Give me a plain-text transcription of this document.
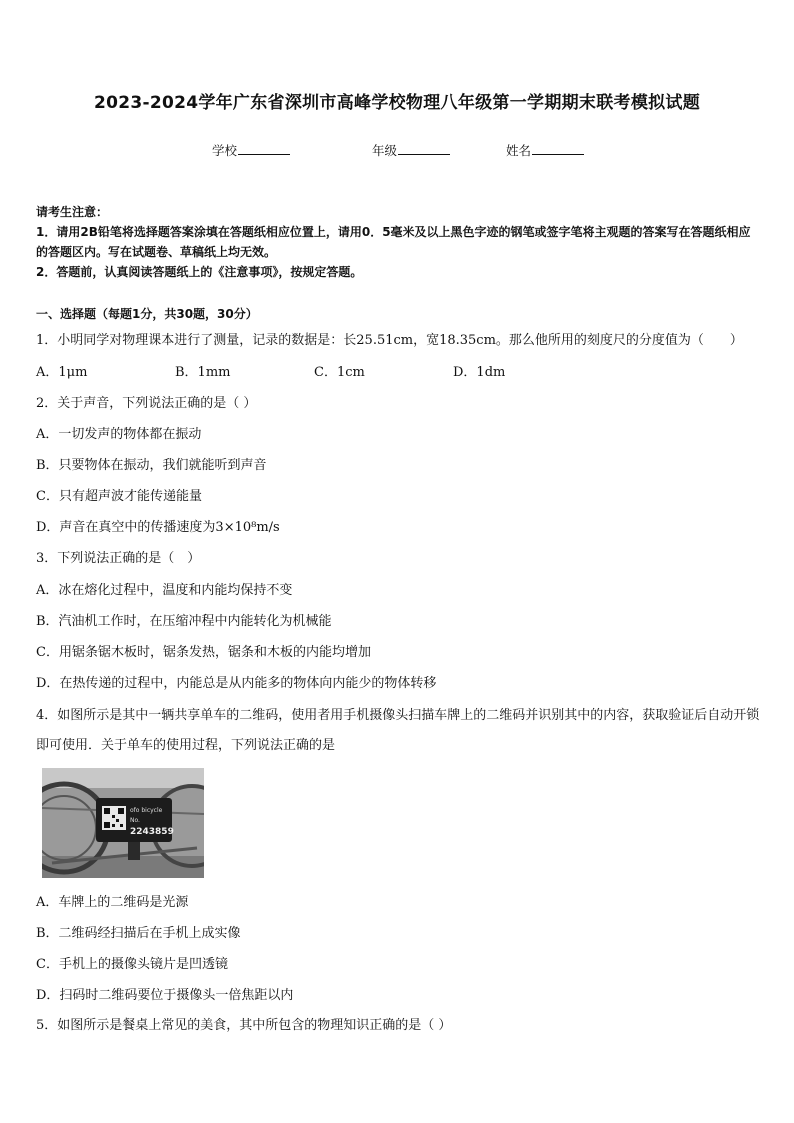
2023-2024学年广东省深圳市高峰学校物理八年级第一学期期末联考模拟试题
学校	年级	姓名

请考生注意：

1．请用2B铅笔将选择题答案涂填在答题纸相应位置上，请用0．5毫米及以上黑色字迹的钢笔或签字笔将主观题的答案写在答题纸相应的答题区内。写在试题卷、草稿纸上均无效。

2．答题前，认真阅读答题纸上的《注意事项》，按规定答题。

一、选择题（每题1分，共30题，30分）
1．小明同学对物理课本进行了测量，记录的数据是：长25.51cm，宽18.35cm。那么他所用的刻度尺的分度值为（　　）
A．1μm	B．1mm	C．1cm	D．1dm
2．关于声音，下列说法正确的是（ ）
A．一切发声的物体都在振动
B．只要物体在振动，我们就能听到声音
C．只有超声波才能传递能量
D．声音在真空中的传播速度为3×10⁸m/s
3．下列说法正确的是（　）
A．冰在熔化过程中，温度和内能均保持不变
B．汽油机工作时，在压缩冲程中内能转化为机械能
C．用锯条锯木板时，锯条发热，锯条和木板的内能均增加
D．在热传递的过程中，内能总是从内能多的物体向内能少的物体转移
4．如图所示是其中一辆共享单车的二维码，使用者用手机摄像头扫描车牌上的二维码并识别其中的内容，获取验证后自动开锁即可使用．关于单车的使用过程，下列说法正确的是
ofo bicycle
No.
2243859
A．车牌上的二维码是光源
B．二维码经扫描后在手机上成实像
C．手机上的摄像头镜片是凹透镜
D．扫码时二维码要位于摄像头一倍焦距以内
5．如图所示是餐桌上常见的美食，其中所包含的物理知识正确的是（ ）
